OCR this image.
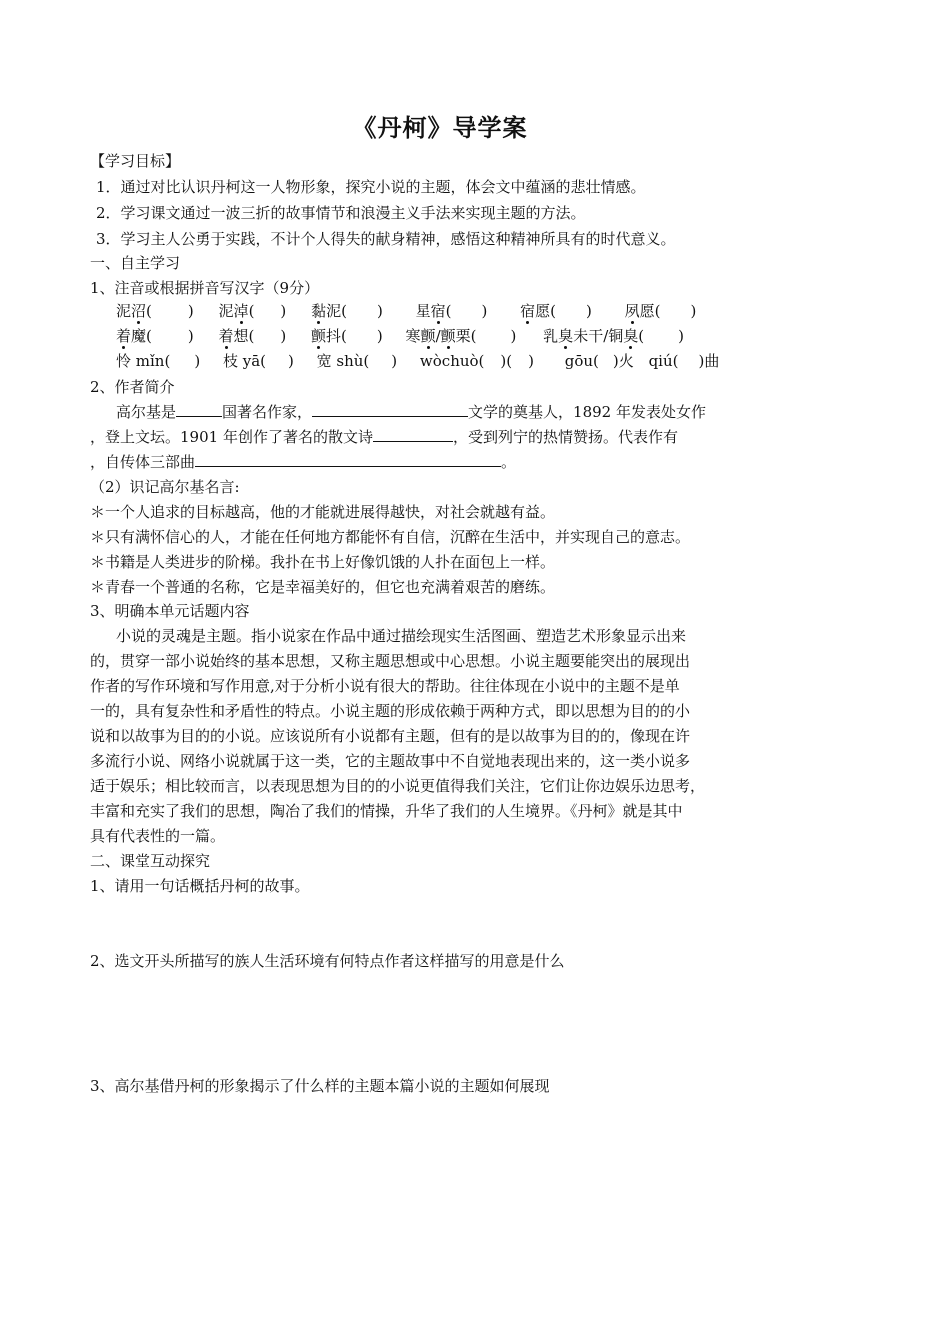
《丹柯》导学案
【学习目标】
1．通过对比认识丹柯这一人物形象，探究小说的主题，体会文中蕴涵的悲壮情感。
2．学习课文通过一波三折的故事情节和浪漫主义手法来实现主题的方法。
3．学习主人公勇于实践，不计个人得失的献身精神，感悟这种精神所具有的时代意义。
一、自主学习
1、注音或根据拼音写汉字（9分）
泥沼( ) 泥淖( ) 黏泥( ) 星宿( ) 宿愿( ) 夙愿( )
着魔( ) 着想( ) 颤抖( ) 寒颤/颤栗( ) 乳臭未干/铜臭( )
怜 mǐn( ) 枝 yā( ) 宽 shù( ) wòchuò( )( ) gōu( )火 qiú( )曲
2、作者简介
高尔基是	国著名作家，	文学的奠基人，1892 年发表处女作
，登上文坛。1901 年创作了著名的散文诗	，受到列宁的热情赞扬。代表作有
，自传体三部曲	。
（2）识记高尔基名言:
＊一个人追求的目标越高，他的才能就进展得越快，对社会就越有益。
＊只有满怀信心的人，才能在任何地方都能怀有自信，沉醉在生活中，并实现自己的意志。
＊书籍是人类进步的阶梯。我扑在书上好像饥饿的人扑在面包上一样。
＊青春一个普通的名称，它是幸福美好的，但它也充满着艰苦的磨练。
3、明确本单元话题内容
小说的灵魂是主题。指小说家在作品中通过描绘现实生活图画、塑造艺术形象显示出来
的，贯穿一部小说始终的基本思想，又称主题思想或中心思想。小说主题要能突出的展现出
作者的写作环境和写作用意,对于分析小说有很大的帮助。往往体现在小说中的主题不是单
一的，具有复杂性和矛盾性的特点。小说主题的形成依赖于两种方式，即以思想为目的的小
说和以故事为目的的小说。应该说所有小说都有主题，但有的是以故事为目的的，像现在许
多流行小说、网络小说就属于这一类，它的主题故事中不自觉地表现出来的，这一类小说多
适于娱乐；相比较而言，以表现思想为目的的小说更值得我们关注，它们让你边娱乐边思考，
丰富和充实了我们的思想，陶冶了我们的情操，升华了我们的人生境界。《丹柯》就是其中
具有代表性的一篇。
二、课堂互动探究
1、请用一句话概括丹柯的故事。
2、选文开头所描写的族人生活环境有何特点作者这样描写的用意是什么
3、高尔基借丹柯的形象揭示了什么样的主题本篇小说的主题如何展现
